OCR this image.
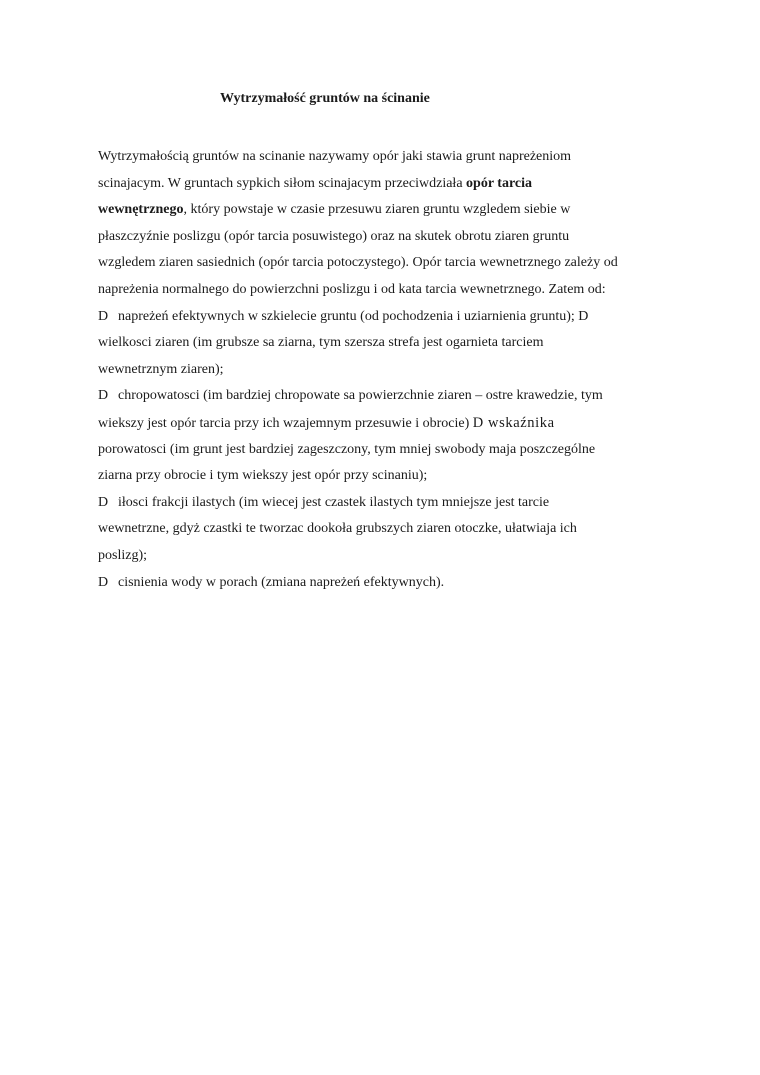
Wytrzymałość gruntów na ścinanie
Wytrzymałością gruntów na scinanie nazywamy opór jaki stawia grunt napreżeniom
scinajacym. W gruntach sypkich siłom scinajacym przeciwdziała opór tarcia
wewnętrznego, który powstaje w czasie przesuwu ziaren gruntu wzgledem siebie w
płaszczyźnie poslizgu (opór tarcia posuwistego) oraz na skutek obrotu ziaren gruntu
wzgledem ziaren sasiednich (opór tarcia potoczystego). Opór tarcia wewnetrznego zależy od
napreżenia normalnego do powierzchni poslizgu i od kata tarcia wewnetrznego. Zatem od:
D napreżeń efektywnych w szkielecie gruntu (od pochodzenia i uziarnienia gruntu); D
wielkosci ziaren (im grubsze sa ziarna, tym szersza strefa jest ogarnieta tarciem
wewnetrznym ziaren);
D chropowatosci (im bardziej chropowate sa powierzchnie ziaren – ostre krawedzie, tym
wiekszy jest opór tarcia przy ich wzajemnym przesuwie i obrocie) D wskaźnika
porowatosci (im grunt jest bardziej zageszczony, tym mniej swobody maja poszczególne
ziarna przy obrocie i tym wiekszy jest opór przy scinaniu);
D iłosci frakcji ilastych (im wiecej jest czastek ilastych tym mniejsze jest tarcie
wewnetrzne, gdyż czastki te tworzac dookoła grubszych ziaren otoczke, ułatwiaja ich
poslizg);
D cisnienia wody w porach (zmiana napreżeń efektywnych).
